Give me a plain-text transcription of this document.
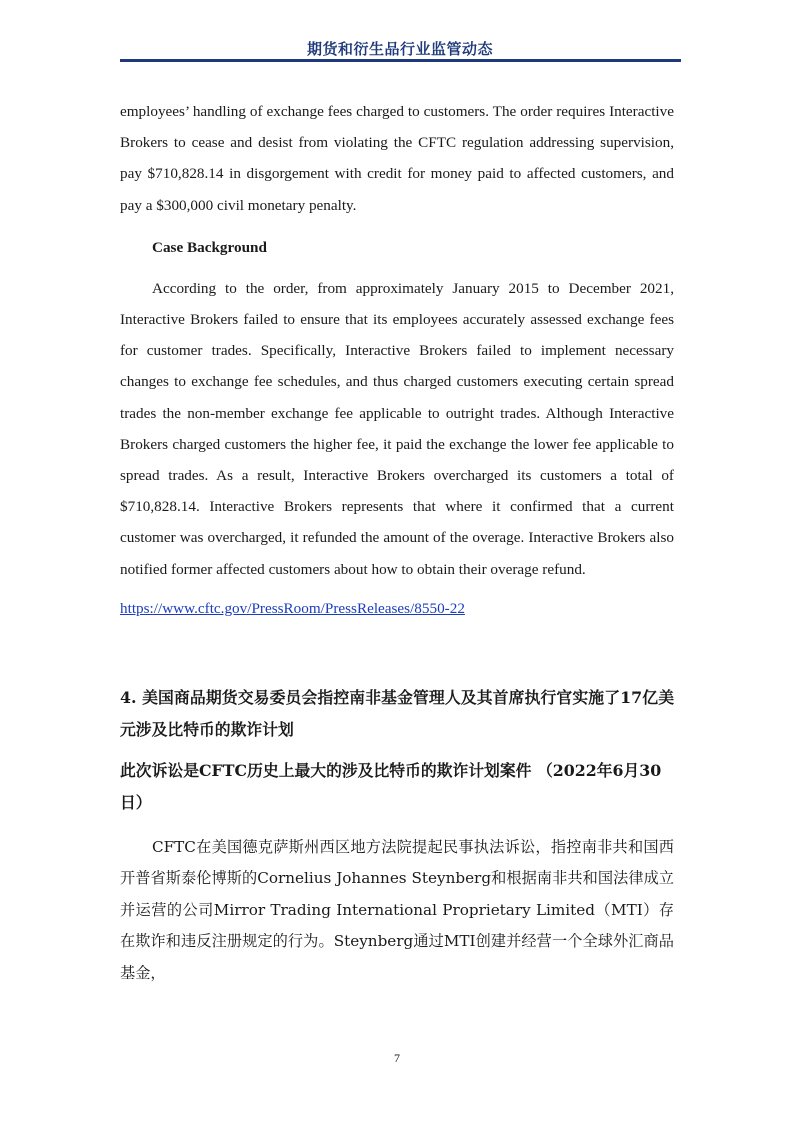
期货和衍生品行业监管动态

employees’ handling of exchange fees charged to customers. The order requires Interactive Brokers to cease and desist from violating the CFTC regulation addressing supervision, pay $710,828.14 in disgorgement with credit for money paid to affected customers, and pay a $300,000 civil monetary penalty.

Case Background

According to the order, from approximately January 2015 to December 2021, Interactive Brokers failed to ensure that its employees accurately assessed exchange fees for customer trades. Specifically, Interactive Brokers failed to implement necessary changes to exchange fee schedules, and thus charged customers executing certain spread trades the non-member exchange fee applicable to outright trades. Although Interactive Brokers charged customers the higher fee, it paid the exchange the lower fee applicable to spread trades. As a result, Interactive Brokers overcharged its customers a total of $710,828.14. Interactive Brokers represents that where it confirmed that a current customer was overcharged, it refunded the amount of the overage. Interactive Brokers also notified former affected customers about how to obtain their overage refund.

https://www.cftc.gov/PressRoom/PressReleases/8550-22
4. 美国商品期货交易委员会指控南非基金管理人及其首席执行官实施了17亿美元涉及比特币的欺诈计划
此次诉讼是CFTC历史上最大的涉及比特币的欺诈计划案件 （2022年6月30日）
CFTC在美国德克萨斯州西区地方法院提起民事执法诉讼，指控南非共和国西开普省斯泰伦博斯的Cornelius Johannes Steynberg和根据南非共和国法律成立并运营的公司Mirror Trading International Proprietary Limited（MTI）存在欺诈和违反注册规定的行为。Steynberg通过MTI创建并经营一个全球外汇商品基金，
7
